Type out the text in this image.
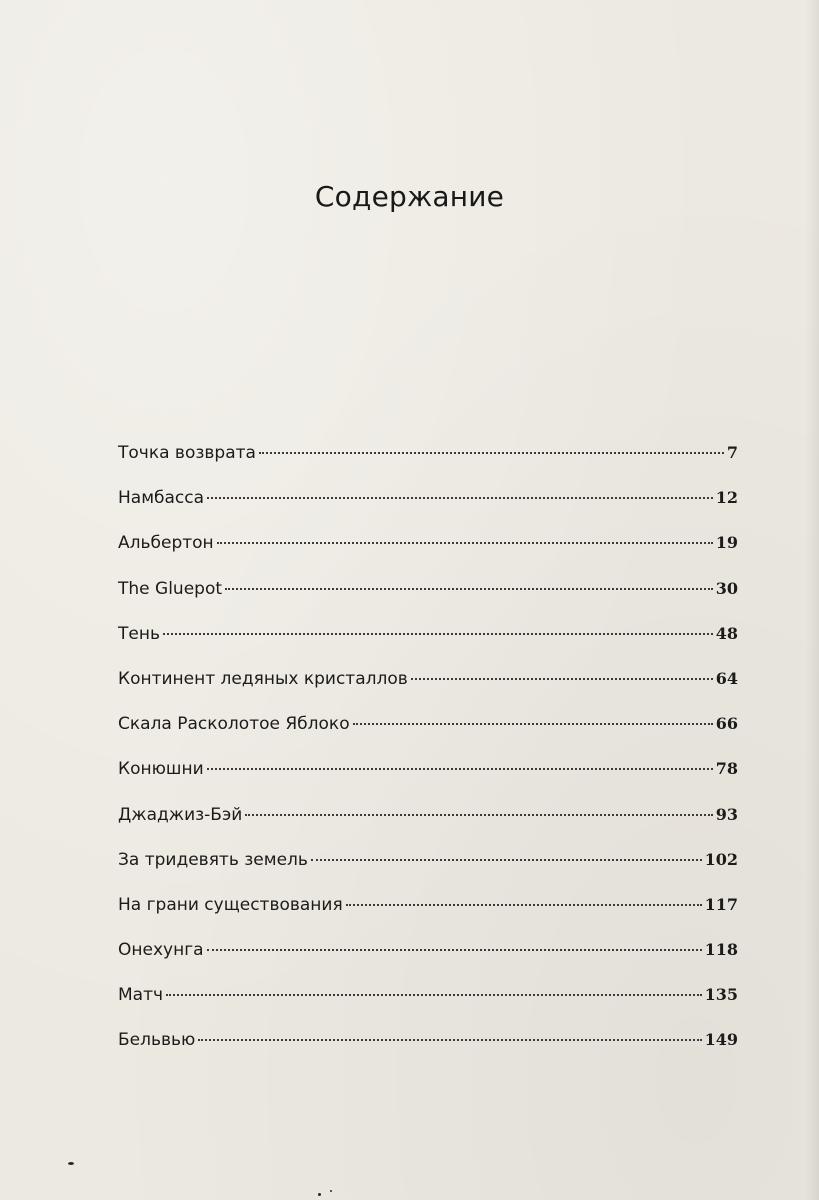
Содержание
Точка возврата	7
Намбасса	12
Альбертон	19
The Gluepot	30
Тень	48
Континент ледяных кристаллов	64
Скала Расколотое Яблоко	66
Конюшни	78
Джаджиз-Бэй	93
За тридевять земель	102
На грани существования	117
Онехунга	118
Матч	135
Бельвью	149
